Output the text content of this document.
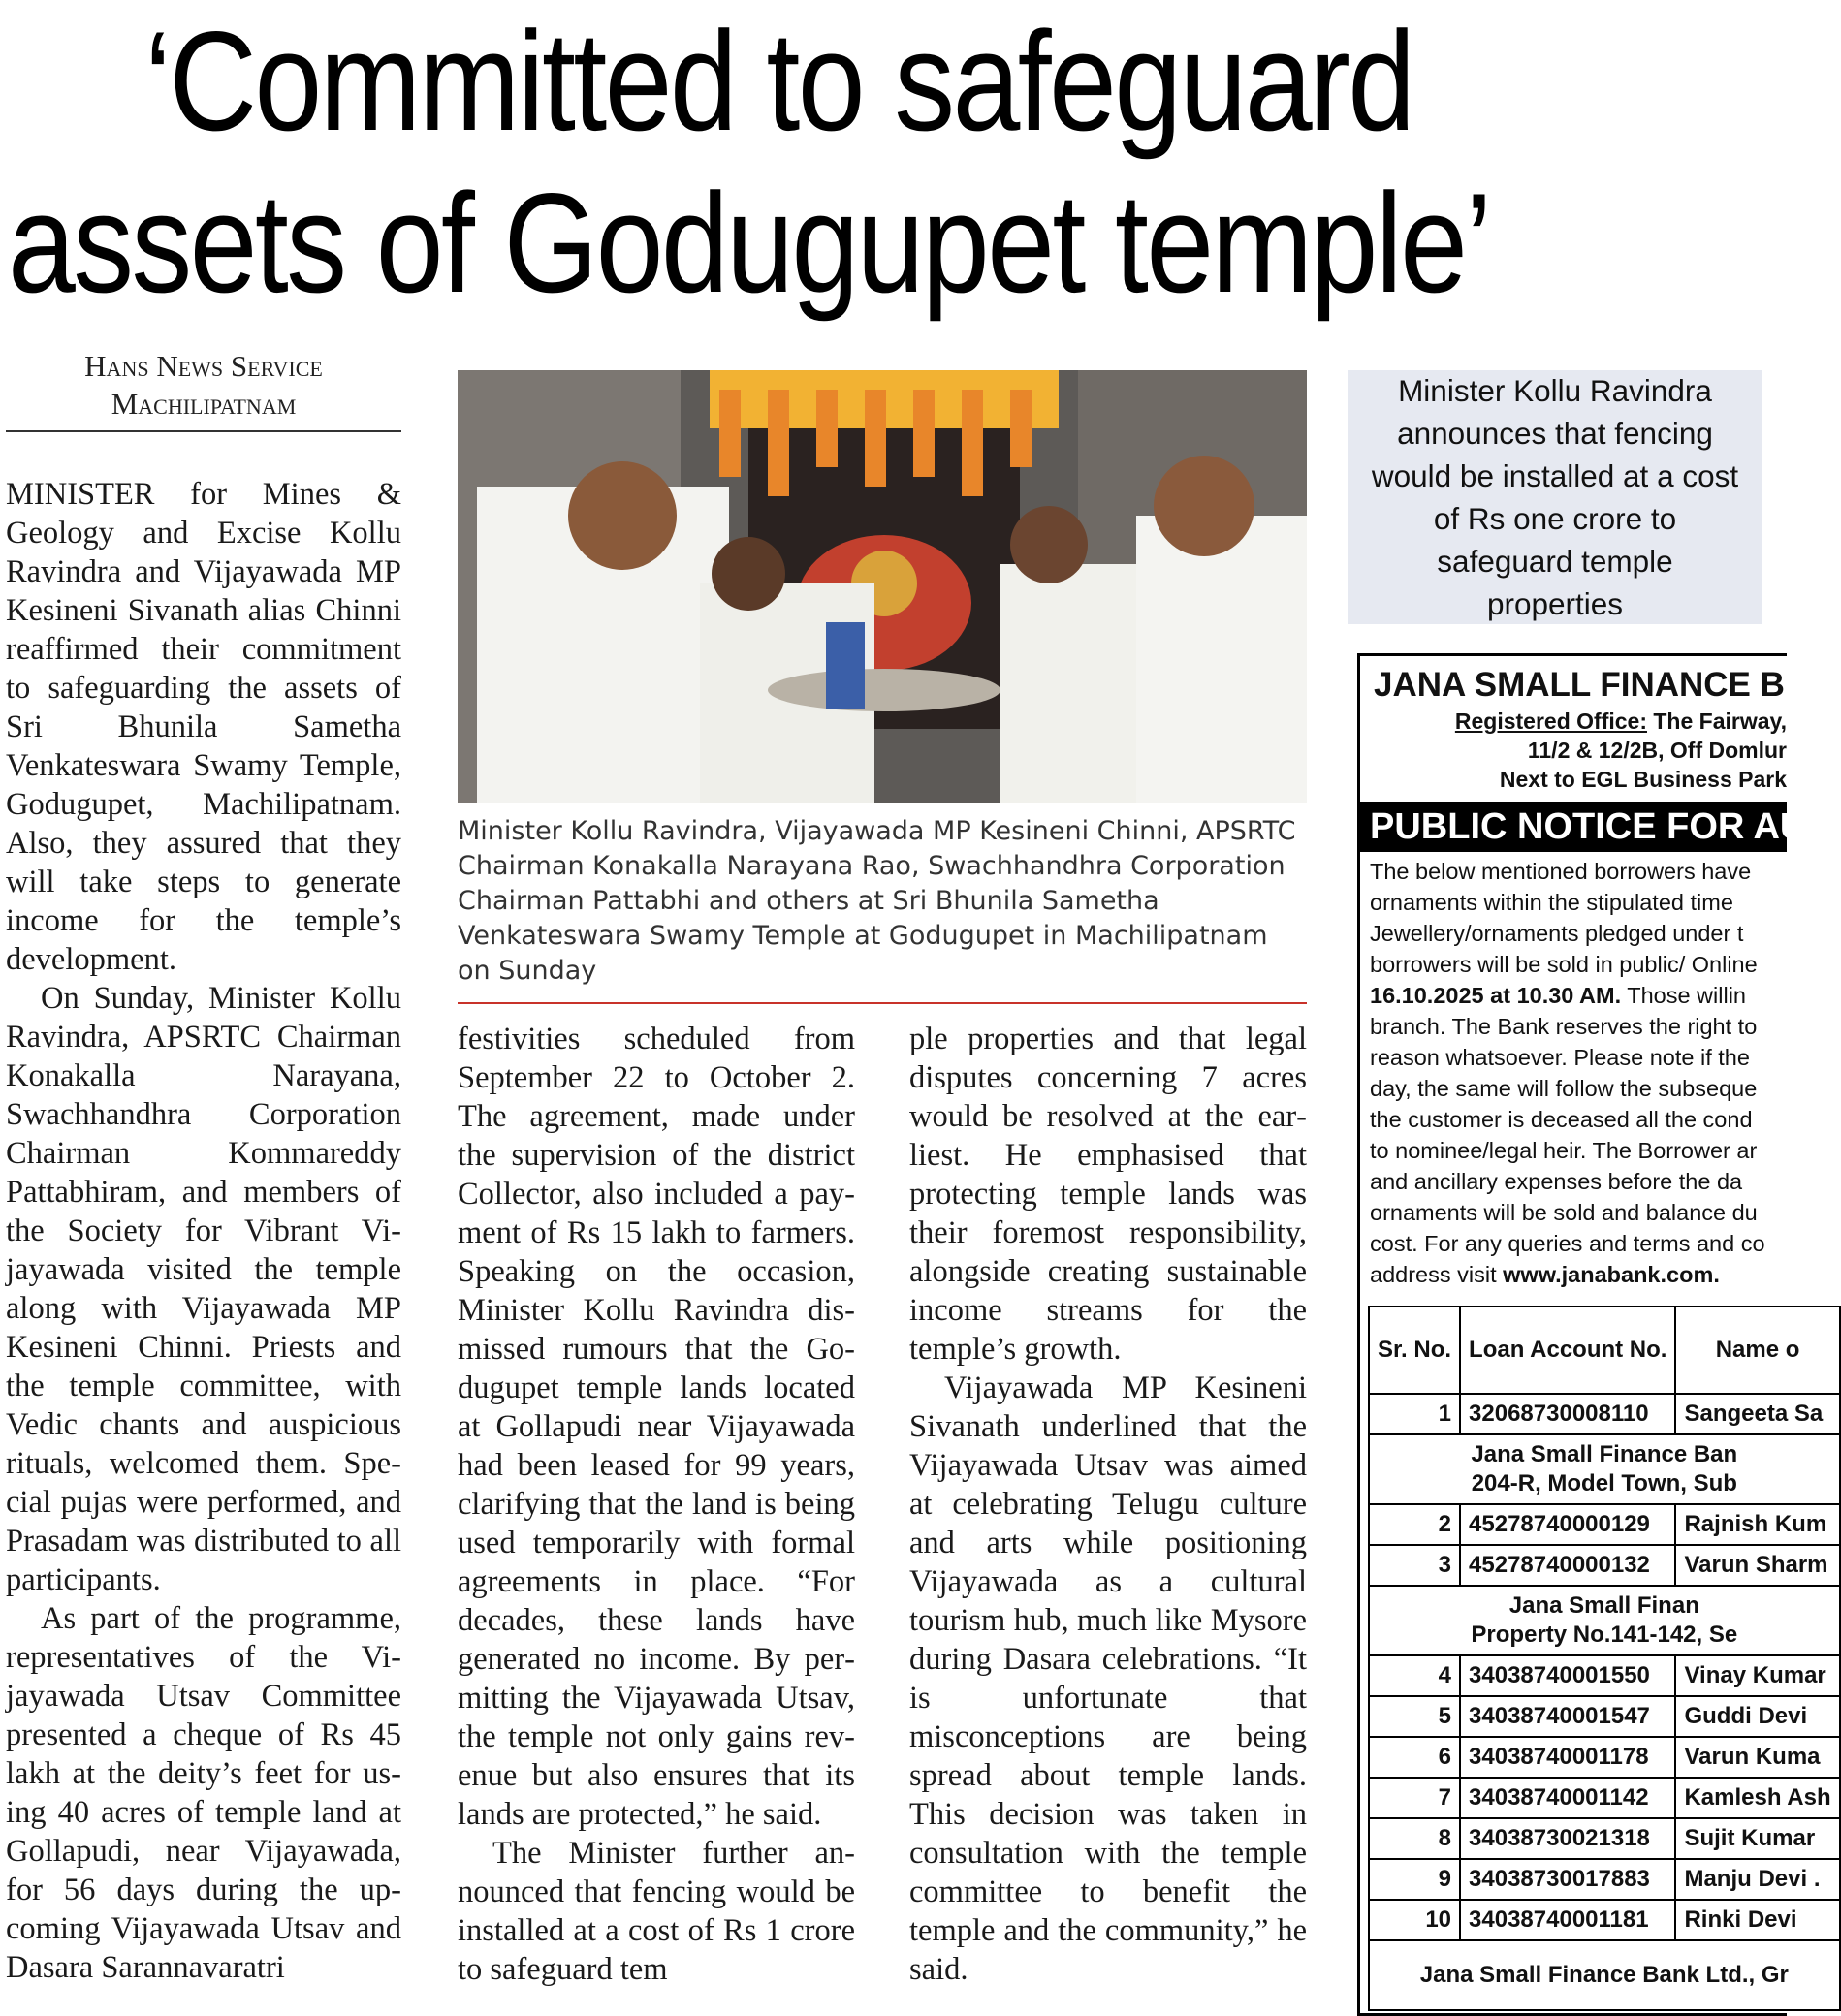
‘Committed to safeguard
assets of Godugupet temple’
Hans News Service
Machilipatnam

MINISTER for Mines & Geology and Excise Kollu Ravindra and Vijayawada MP Kesineni Sivanath alias Chinni reaffirmed their commitment to safeguarding the assets of Sri Bhunila Sametha Venkateswara Swamy Temple, Godugupet, Machilipatnam. Also, they assured that they will take steps to generate income for the temple’s development.

On Sunday, Minister Kollu Ravindra, APSRTC Chairman Konakalla Narayana, Swachhandhra Corporation Chairman Kommareddy Pattabhiram, and members of the Society for Vibrant Vijayawada visited the temple along with Vijayawada MP Kesineni Chinni. Priests and the temple committee, with Vedic chants and auspicious rituals, welcomed them. Special pujas were performed, and Prasadam was distributed to all participants.

As part of the programme, representatives of the Vijayawada Utsav Committee presented a cheque of Rs 45 lakh at the deity’s feet for using 40 acres of temple land at Gollapudi, near Vijayawada, for 56 days during the upcoming Vijayawada Utsav and Dasara Sarannavaratri

Minister Kollu Ravindra, Vijayawada MP Kesineni Chinni, APSRTC Chairman Konakalla Narayana Rao, Swachhandhra Corporation Chairman Pattabhi and others at Sri Bhunila Sametha Venkateswara Swamy Temple at Godugupet in Machilipatnam on Sunday

festivities scheduled from September 22 to October 2. The agreement, made under the supervision of the district Collector, also included a payment of Rs 15 lakh to farmers. Speaking on the occasion, Minister Kollu Ravindra dismissed rumours that the Godugupet temple lands located at Gollapudi near Vijayawada had been leased for 99 years, clarifying that the land is being used temporarily with formal agreements in place. “For decades, these lands have generated no income. By permitting the Vijayawada Utsav, the temple not only gains revenue but also ensures that its lands are protected,” he said.

The Minister further announced that fencing would be installed at a cost of Rs 1 crore to safeguard tem

ple properties and that legal disputes concerning 7 acres would be resolved at the earliest. He emphasised that protecting temple lands was their foremost responsibility, alongside creating sustainable income streams for the temple’s growth.

Vijayawada MP Kesineni Sivanath underlined that the Vijayawada Utsav was aimed at celebrating Telugu culture and arts while positioning Vijayawada as a cultural tourism hub, much like Mysore during Dasara celebrations. “It is unfortunate that misconceptions are being spread about temple lands. This decision was taken in consultation with the temple committee to benefit the temple and the community,” he said.

Minister Kollu Ravindra announces that fencing would be installed at a cost of Rs one crore to safeguard temple properties
JANA SMALL FINANCE B
Registered Office: The Fairway,
11/2 & 12/2B, Off Domlur
Next to EGL Business Park
PUBLIC NOTICE FOR AUC
The below mentioned borrowers have
ornaments within the stipulated time
Jewellery/ornaments pledged under t
borrowers will be sold in public/ Online
16.10.2025 at 10.30 AM. Those willin
branch. The Bank reserves the right to
reason whatsoever. Please note if the
day, the same will follow the subseque
the customer is deceased all the cond
to nominee/legal heir. The Borrower ar
and ancillary expenses before the da
ornaments will be sold and balance du
cost. For any queries and terms and co
address visit www.janabank.com.
Sr. No.	Loan Account No.	Name o
1	32068730008110	Sangeeta Sa

Jana Small Finance Ban
204-R, Model Town, Sub		

2	45278740000129	Rajnish Kum
3	45278740000132	Varun Sharm

Jana Small Finan
Property No.141-142, Se		

4	34038740001550	Vinay Kumar
5	34038740001547	Guddi Devi
6	34038740001178	Varun Kuma
7	34038740001142	Kamlesh Ash
8	34038730021318	Sujit Kumar
9	34038730017883	Manju Devi .
10	34038740001181	Rinki Devi

Jana Small Finance Bank Ltd., Gr		
